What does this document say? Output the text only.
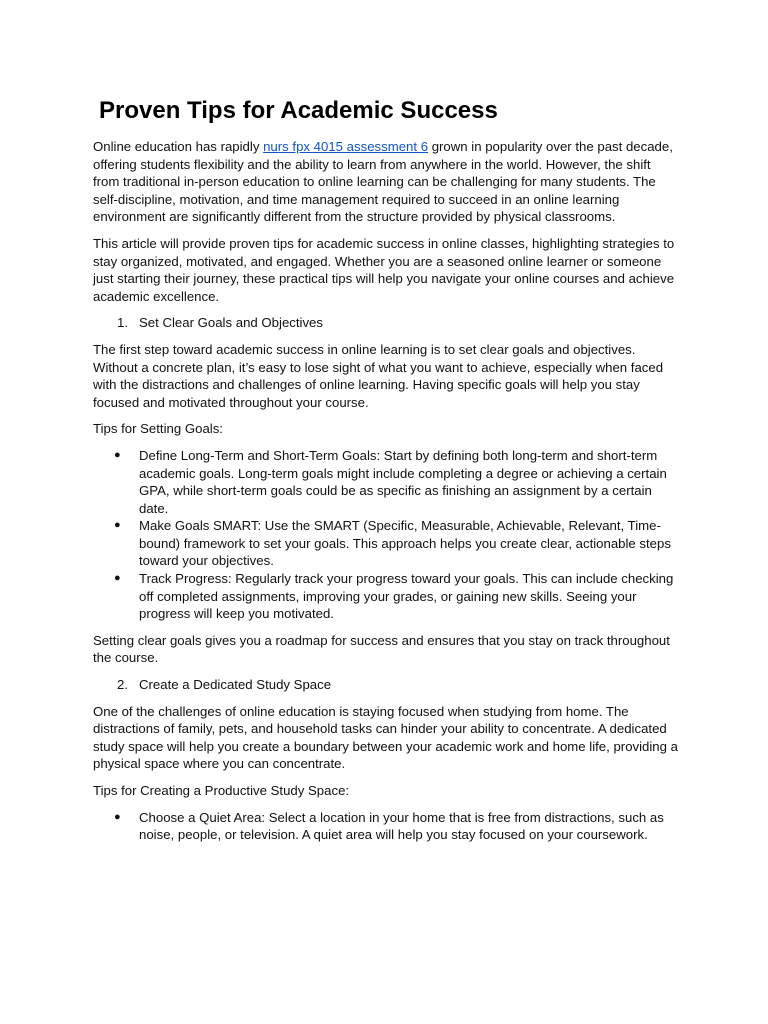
Proven Tips for Academic Success

Online education has rapidly nurs fpx 4015 assessment 6 grown in popularity over the past decade, offering students flexibility and the ability to learn from anywhere in the world. However, the shift from traditional in-person education to online learning can be challenging for many students. The self-discipline, motivation, and time management required to succeed in an online learning environment are significantly different from the structure provided by physical classrooms.

This article will provide proven tips for academic success in online classes, highlighting strategies to stay organized, motivated, and engaged. Whether you are a seasoned online learner or someone just starting their journey, these practical tips will help you navigate your online courses and achieve academic excellence.

1. Set Clear Goals and Objectives

The first step toward academic success in online learning is to set clear goals and objectives. Without a concrete plan, it’s easy to lose sight of what you want to achieve, especially when faced with the distractions and challenges of online learning. Having specific goals will help you stay focused and motivated throughout your course.

Tips for Setting Goals:

● Define Long-Term and Short-Term Goals: Start by defining both long-term and short-term academic goals. Long-term goals might include completing a degree or achieving a certain GPA, while short-term goals could be as specific as finishing an assignment by a certain date.
● Make Goals SMART: Use the SMART (Specific, Measurable, Achievable, Relevant, Time-bound) framework to set your goals. This approach helps you create clear, actionable steps toward your objectives.
● Track Progress: Regularly track your progress toward your goals. This can include checking off completed assignments, improving your grades, or gaining new skills. Seeing your progress will keep you motivated.

Setting clear goals gives you a roadmap for success and ensures that you stay on track throughout the course.

2. Create a Dedicated Study Space

One of the challenges of online education is staying focused when studying from home. The distractions of family, pets, and household tasks can hinder your ability to concentrate. A dedicated study space will help you create a boundary between your academic work and home life, providing a physical space where you can concentrate.

Tips for Creating a Productive Study Space:

● Choose a Quiet Area: Select a location in your home that is free from distractions, such as noise, people, or television. A quiet area will help you stay focused on your coursework.
